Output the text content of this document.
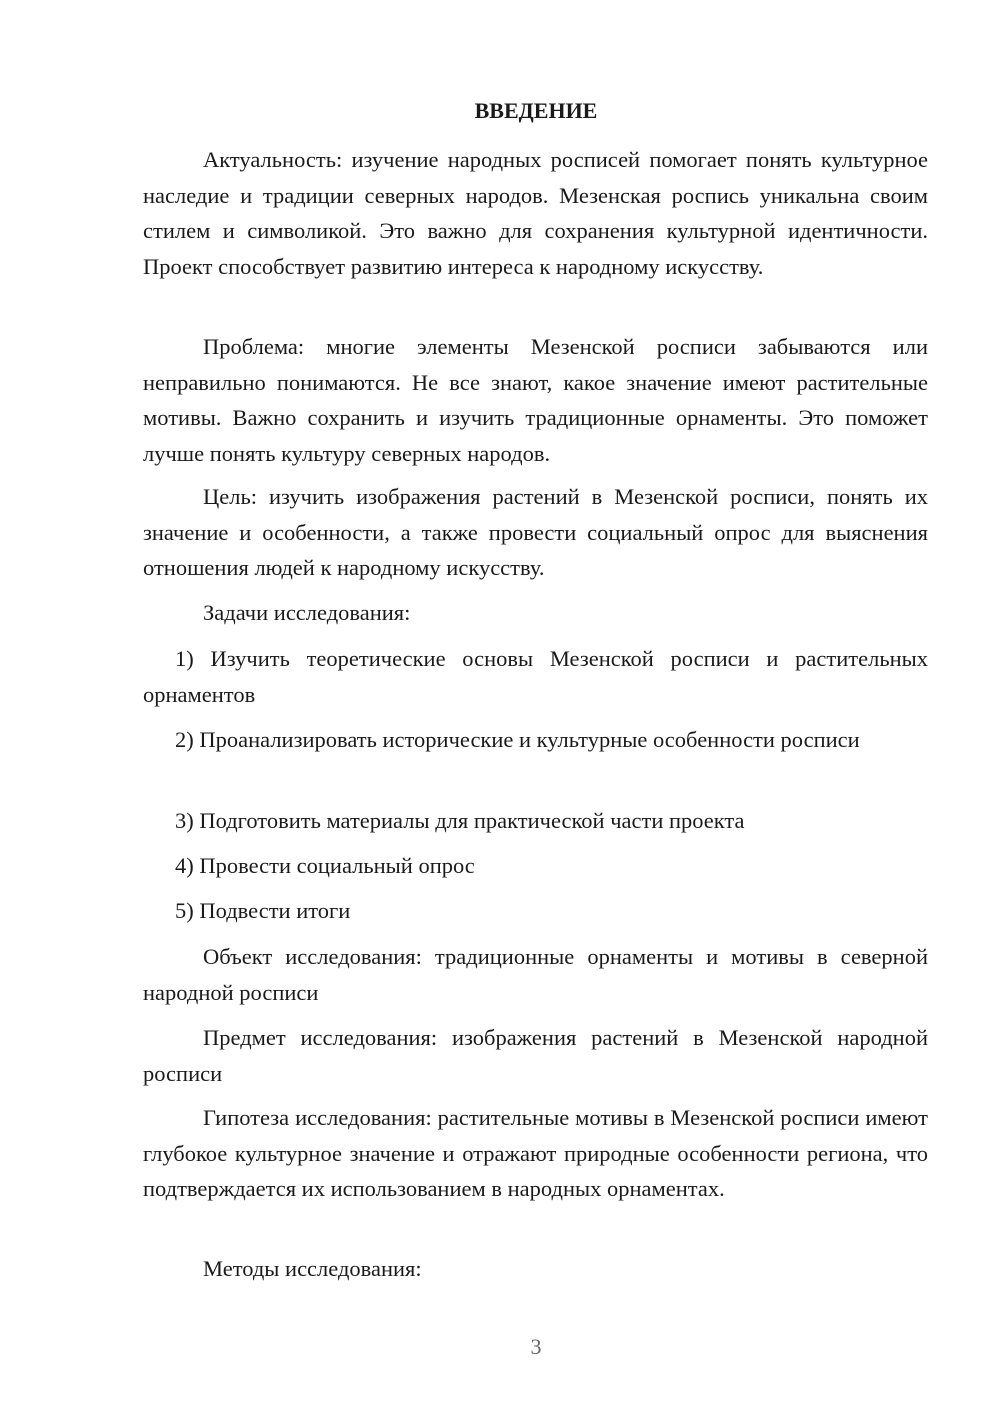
ВВЕДЕНИЕ

Актуальность: изучение народных росписей помогает понять культурное наследие и традиции северных народов. Мезенская роспись уникальна своим стилем и символикой. Это важно для сохранения культурной идентичности. Проект способствует развитию интереса к народному искусству.

Проблема: многие элементы Мезенской росписи забываются или неправильно понимаются. Не все знают, какое значение имеют растительные мотивы. Важно сохранить и изучить традиционные орнаменты. Это поможет лучше понять культуру северных народов.

Цель: изучить изображения растений в Мезенской росписи, понять их значение и особенности, а также провести социальный опрос для выяснения отношения людей к народному искусству.

Задачи исследования:

1) Изучить теоретические основы Мезенской росписи и растительных орнаментов

2) Проанализировать исторические и культурные особенности росписи

3) Подготовить материалы для практической части проекта

4) Провести социальный опрос

5) Подвести итоги

Объект исследования: традиционные орнаменты и мотивы в северной народной росписи

Предмет исследования: изображения растений в Мезенской народной росписи

Гипотеза исследования: растительные мотивы в Мезенской росписи имеют глубокое культурное значение и отражают природные особенности региона, что подтверждается их использованием в народных орнаментах.

Методы исследования:

3
